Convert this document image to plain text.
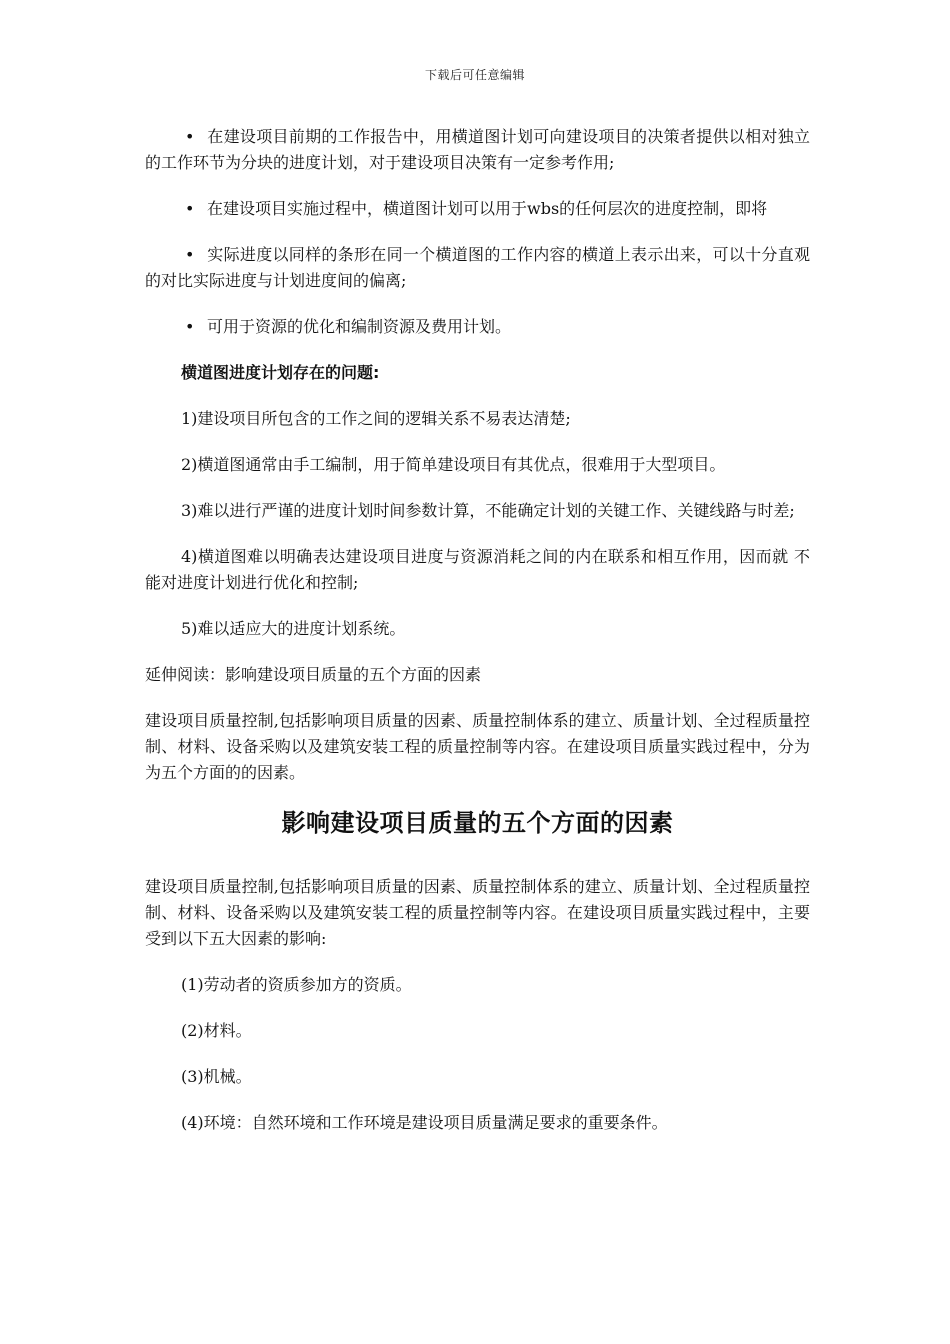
下载后可任意编辑

• 在建设项目前期的工作报告中，用横道图计划可向建设项目的决策者提供以相对独立的工作环节为分块的进度计划，对于建设项目决策有一定参考作用;

• 在建设项目实施过程中，横道图计划可以用于wbs的任何层次的进度控制，即将

• 实际进度以同样的条形在同一个横道图的工作内容的横道上表示出来，可以十分直观的对比实际进度与计划进度间的偏离;

• 可用于资源的优化和编制资源及费用计划。

横道图进度计划存在的问题:

1)建设项目所包含的工作之间的逻辑关系不易表达清楚;

2)横道图通常由手工编制，用于简单建设项目有其优点，很难用于大型项目。

3)难以进行严谨的进度计划时间参数计算，不能确定计划的关键工作、关键线路与时差;

4)横道图难以明确表达建设项目进度与资源消耗之间的内在联系和相互作用，因而就 不能对进度计划进行优化和控制;

5)难以适应大的进度计划系统。

延伸阅读：影响建设项目质量的五个方面的因素

建设项目质量控制,包括影响项目质量的因素、质量控制体系的建立、质量计划、全过程质量控制、材料、设备采购以及建筑安装工程的质量控制等内容。在建设项目质量实践过程中，分为为五个方面的的因素。

影响建设项目质量的五个方面的因素

建设项目质量控制,包括影响项目质量的因素、质量控制体系的建立、质量计划、全过程质量控制、材料、设备采购以及建筑安装工程的质量控制等内容。在建设项目质量实践过程中，主要受到以下五大因素的影响:

(1)劳动者的资质参加方的资质。

(2)材料。

(3)机械。

(4)环境：自然环境和工作环境是建设项目质量满足要求的重要条件。
